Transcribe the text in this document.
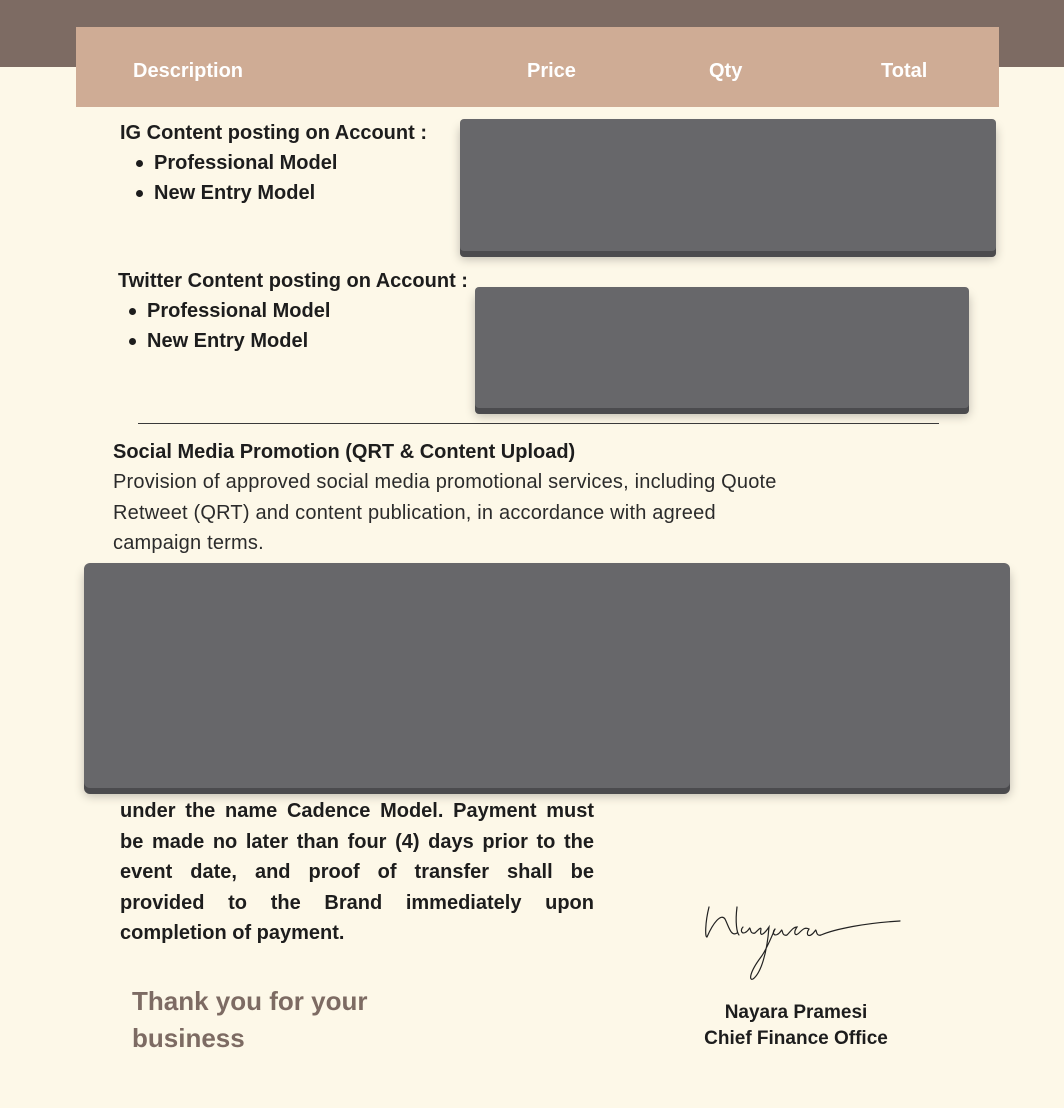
Description	Price	Qty	Total
IG Content posting on Account :
Professional Model
New Entry Model
Twitter Content posting on Account :
Professional Model
New Entry Model
Social Media Promotion (QRT & Content Upload)
Provision of approved social media promotional services, including Quote Retweet (QRT) and content publication, in accordance with agreed campaign terms.

under the name Cadence Model. Payment must be made no later than four (4) days prior to the event date, and proof of transfer shall be provided to the Brand immediately upon completion of payment.

Thank you for your business
Nayara
Nayara Pramesi
Chief Finance Office
